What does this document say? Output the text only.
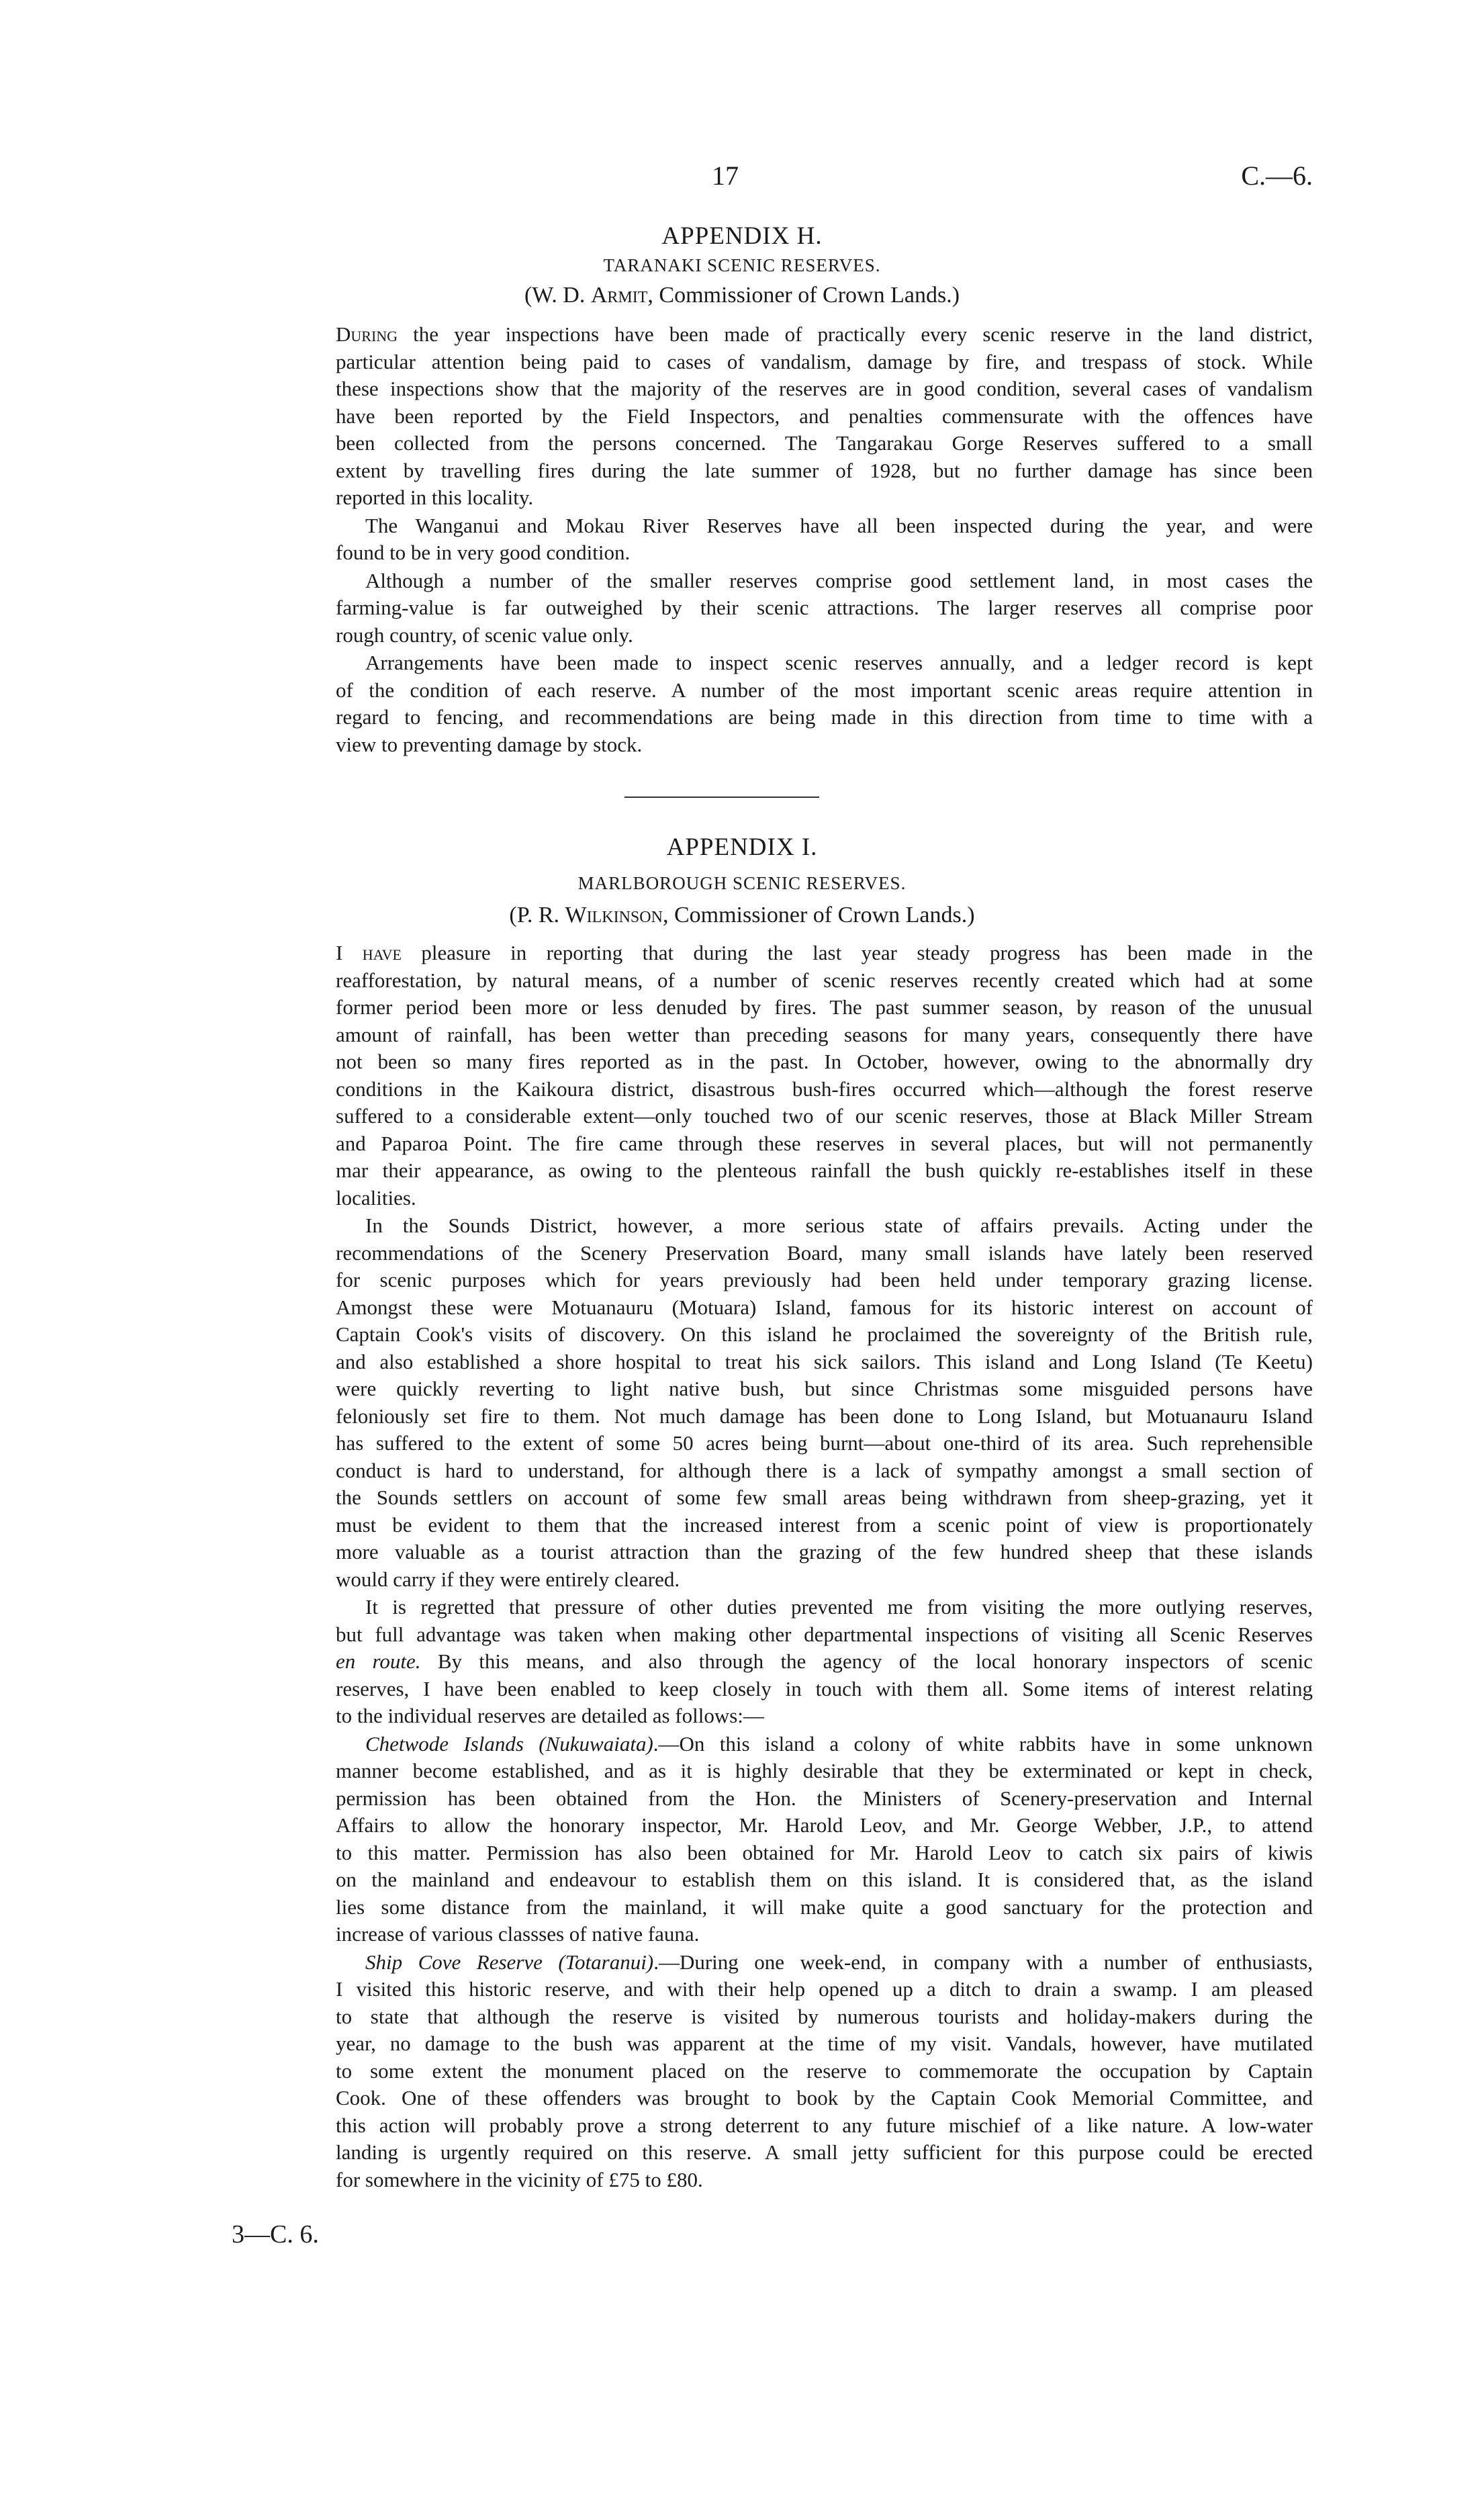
17	C.—6.
APPENDIX H.
TARANAKI SCENIC RESERVES.
(W. D. Armit, Commissioner of Crown Lands.)
During the year inspections have been made of practically every scenic reserve in the land district,
particular attention being paid to cases of vandalism, damage by fire, and trespass of stock. While
these inspections show that the majority of the reserves are in good condition, several cases of vandalism
have been reported by the Field Inspectors, and penalties commensurate with the offences have
been collected from the persons concerned. The Tangarakau Gorge Reserves suffered to a small
extent by travelling fires during the late summer of 1928, but no further damage has since been
reported in this locality.
The Wanganui and Mokau River Reserves have all been inspected during the year, and were
found to be in very good condition.
Although a number of the smaller reserves comprise good settlement land, in most cases the
farming-value is far outweighed by their scenic attractions. The larger reserves all comprise poor
rough country, of scenic value only.
Arrangements have been made to inspect scenic reserves annually, and a ledger record is kept
of the condition of each reserve. A number of the most important scenic areas require attention in
regard to fencing, and recommendations are being made in this direction from time to time with a
view to preventing damage by stock.
APPENDIX I.
MARLBOROUGH SCENIC RESERVES.
(P. R. Wilkinson, Commissioner of Crown Lands.)
I have pleasure in reporting that during the last year steady progress has been made in the
reafforestation, by natural means, of a number of scenic reserves recently created which had at some
former period been more or less denuded by fires. The past summer season, by reason of the unusual
amount of rainfall, has been wetter than preceding seasons for many years, consequently there have
not been so many fires reported as in the past. In October, however, owing to the abnormally dry
conditions in the Kaikoura district, disastrous bush-fires occurred which—although the forest reserve
suffered to a considerable extent—only touched two of our scenic reserves, those at Black Miller Stream
and Paparoa Point. The fire came through these reserves in several places, but will not permanently
mar their appearance, as owing to the plenteous rainfall the bush quickly re-establishes itself in these
localities.
In the Sounds District, however, a more serious state of affairs prevails. Acting under the
recommendations of the Scenery Preservation Board, many small islands have lately been reserved
for scenic purposes which for years previously had been held under temporary grazing license.
Amongst these were Motuanauru (Motuara) Island, famous for its historic interest on account of
Captain Cook's visits of discovery. On this island he proclaimed the sovereignty of the British rule,
and also established a shore hospital to treat his sick sailors. This island and Long Island (Te Keetu)
were quickly reverting to light native bush, but since Christmas some misguided persons have
feloniously set fire to them. Not much damage has been done to Long Island, but Motuanauru Island
has suffered to the extent of some 50 acres being burnt—about one-third of its area. Such reprehensible
conduct is hard to understand, for although there is a lack of sympathy amongst a small section of
the Sounds settlers on account of some few small areas being withdrawn from sheep-grazing, yet it
must be evident to them that the increased interest from a scenic point of view is proportionately
more valuable as a tourist attraction than the grazing of the few hundred sheep that these islands
would carry if they were entirely cleared.
It is regretted that pressure of other duties prevented me from visiting the more outlying reserves,
but full advantage was taken when making other departmental inspections of visiting all Scenic Reserves
en route. By this means, and also through the agency of the local honorary inspectors of scenic
reserves, I have been enabled to keep closely in touch with them all. Some items of interest relating
to the individual reserves are detailed as follows:—
Chetwode Islands (Nukuwaiata).—On this island a colony of white rabbits have in some unknown
manner become established, and as it is highly desirable that they be exterminated or kept in check,
permission has been obtained from the Hon. the Ministers of Scenery-preservation and Internal
Affairs to allow the honorary inspector, Mr. Harold Leov, and Mr. George Webber, J.P., to attend
to this matter. Permission has also been obtained for Mr. Harold Leov to catch six pairs of kiwis
on the mainland and endeavour to establish them on this island. It is considered that, as the island
lies some distance from the mainland, it will make quite a good sanctuary for the protection and
increase of various classses of native fauna.
Ship Cove Reserve (Totaranui).—During one week-end, in company with a number of enthusiasts,
I visited this historic reserve, and with their help opened up a ditch to drain a swamp. I am pleased
to state that although the reserve is visited by numerous tourists and holiday-makers during the
year, no damage to the bush was apparent at the time of my visit. Vandals, however, have mutilated
to some extent the monument placed on the reserve to commemorate the occupation by Captain
Cook. One of these offenders was brought to book by the Captain Cook Memorial Committee, and
this action will probably prove a strong deterrent to any future mischief of a like nature. A low-water
landing is urgently required on this reserve. A small jetty sufficient for this purpose could be erected
for somewhere in the vicinity of £75 to £80.
3—C. 6.
